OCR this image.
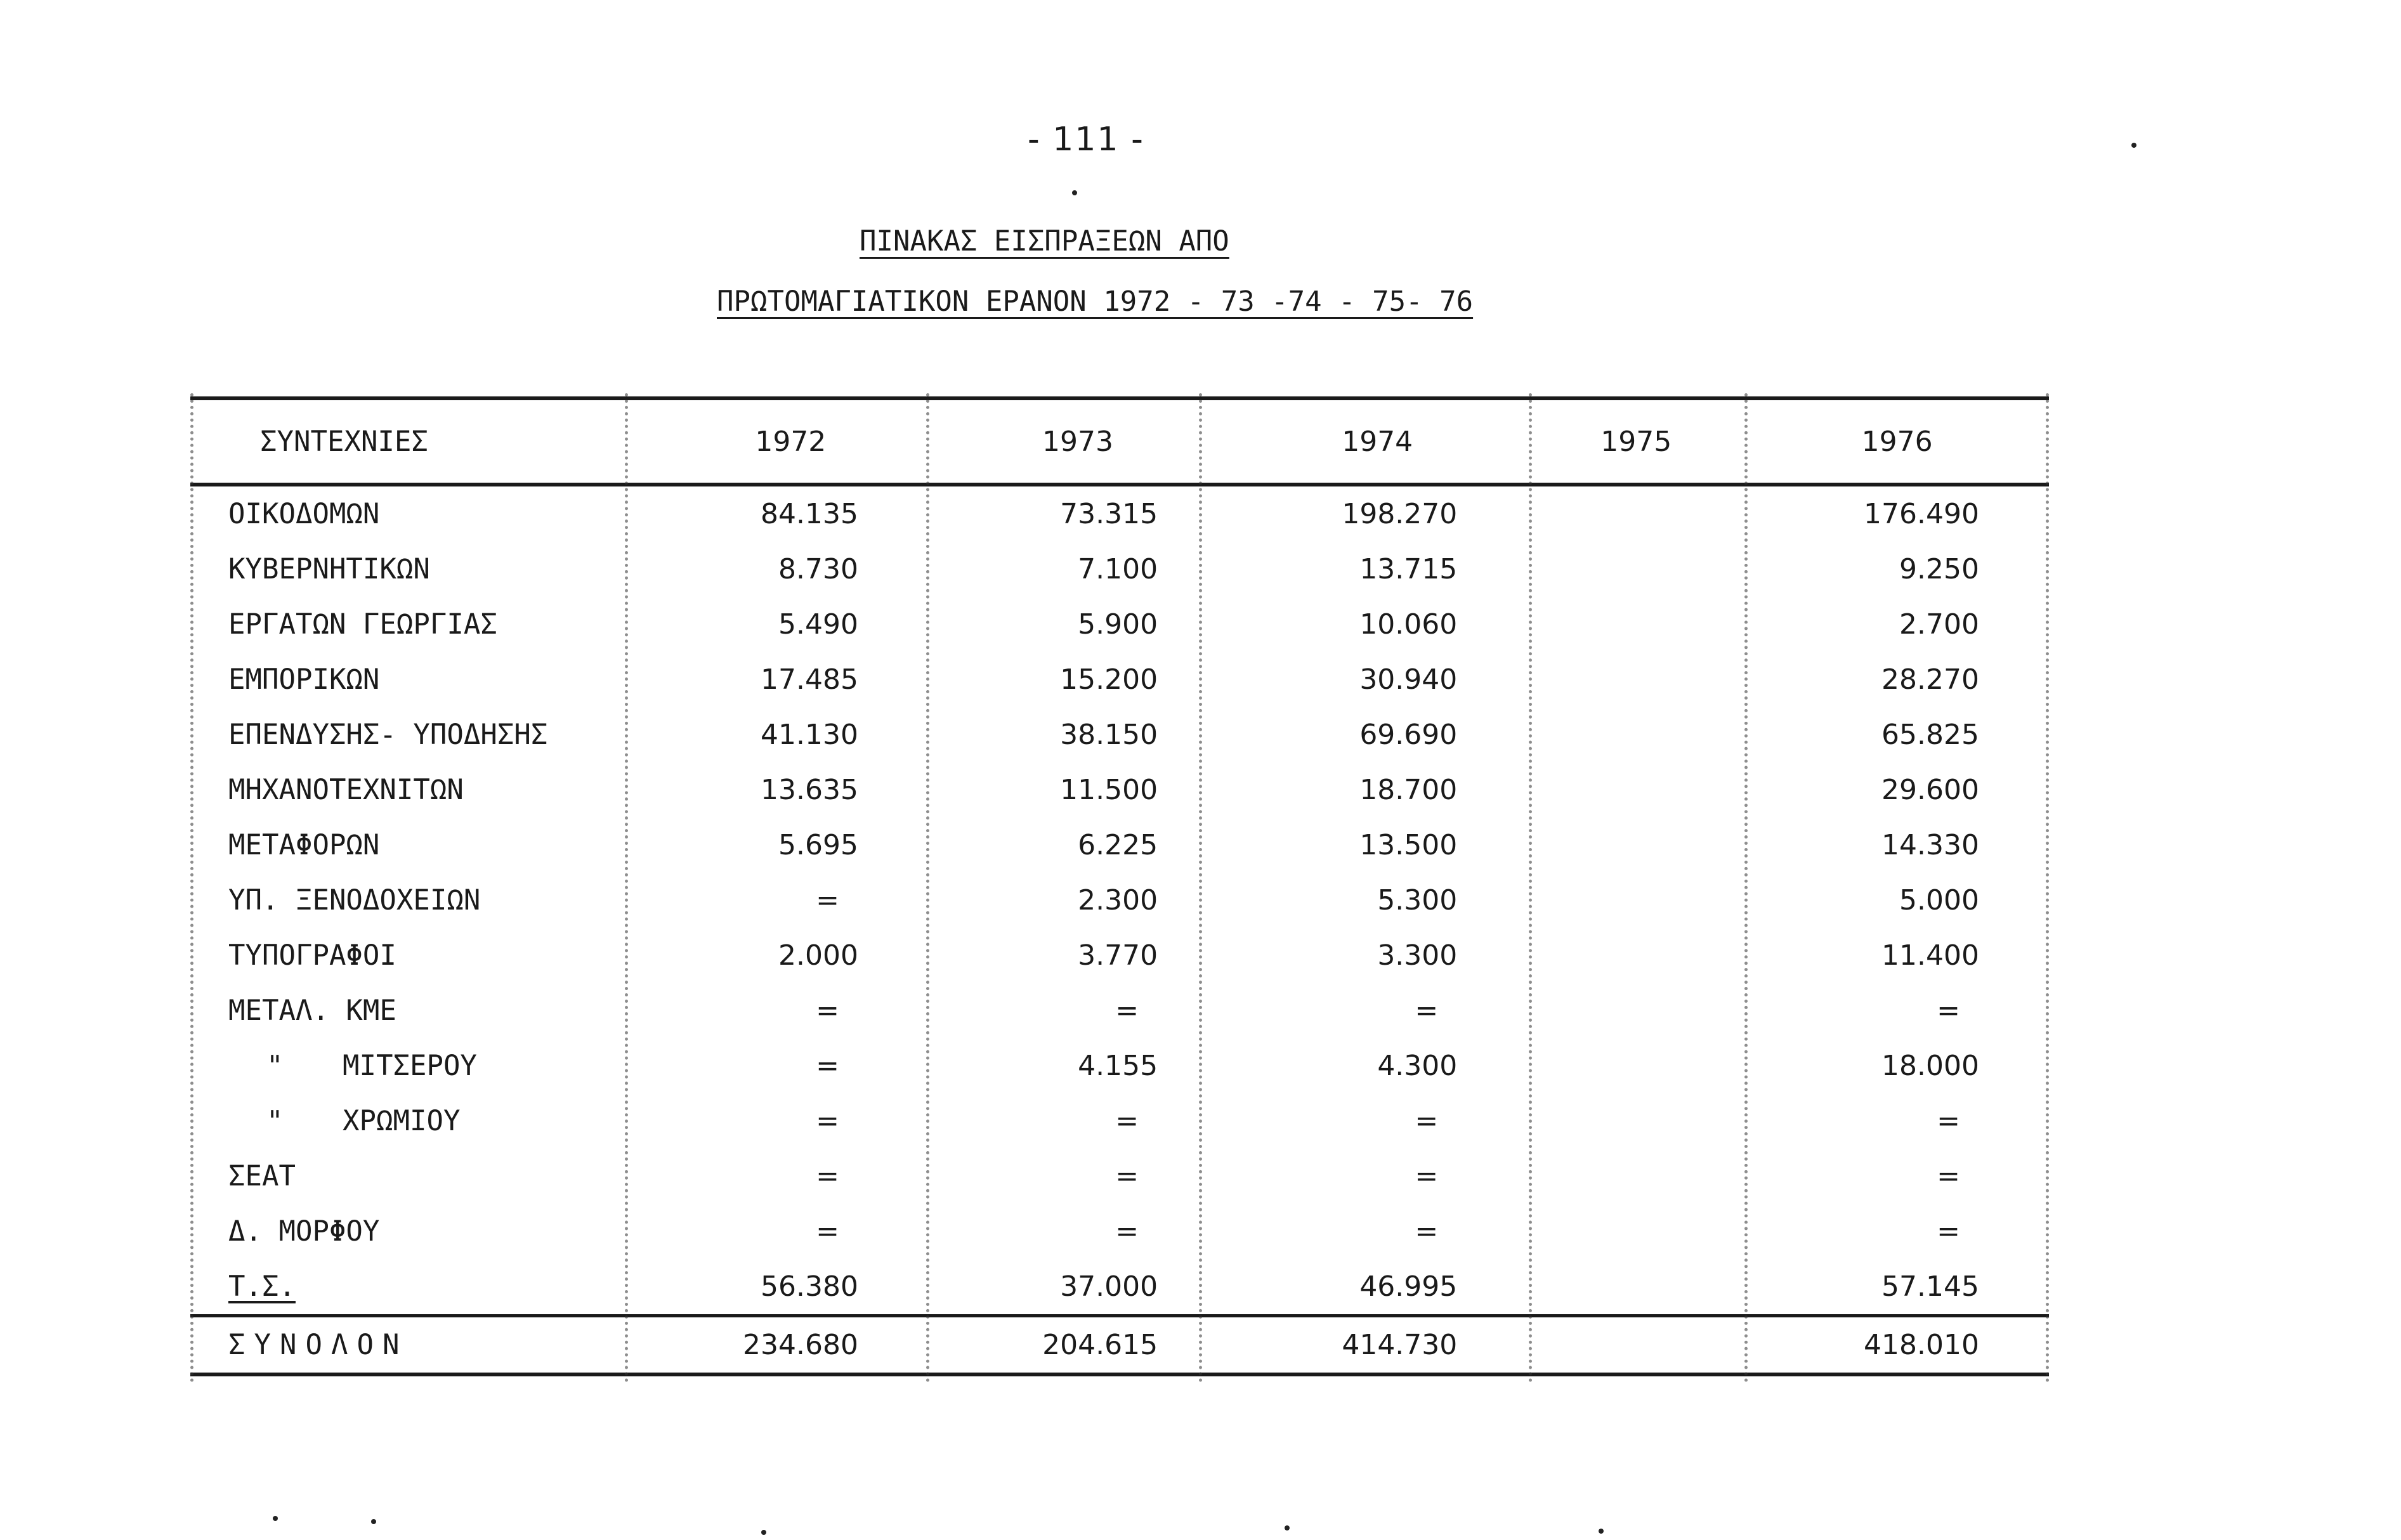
- 111 -
ΠΙΝΑΚΑΣ ΕΙΣΠΡΑΞΕΩΝ ΑΠΟ
ΠΡΩΤΟΜΑΓΙΑΤΙΚΟΝ ΕΡΑΝΟΝ 1972 - 73 -74 - 75- 76
ΣΥΝΤΕΧΝΙΕΣ	1972	1973	1974	1975	1976
ΟΙΚΟΔΟΜΩΝ	84.135	73.315	198.270		176.490
ΚΥΒΕΡΝΗΤΙΚΩΝ	8.730	7.100	13.715		9.250
ΕΡΓΑΤΩΝ ΓΕΩΡΓΙΑΣ	5.490	5.900	10.060		2.700
ΕΜΠΟΡΙΚΩΝ	17.485	15.200	30.940		28.270
ΕΠΕΝΔΥΣΗΣ- ΥΠΟΔΗΣΗΣ	41.130	38.150	69.690		65.825
ΜΗΧΑΝΟΤΕΧΝΙΤΩΝ	13.635	11.500	18.700		29.600
ΜΕΤΑΦΟΡΩΝ	5.695	6.225	13.500		14.330
ΥΠ. ΞΕΝΟΔΟΧΕΙΩΝ	=	2.300	5.300		5.000
ΤΥΠΟΓΡΑΦΟΙ	2.000	3.770	3.300		11.400
ΜΕΤΑΛ. ΚΜΕ	=	=	=		=
" ΜΙΤΣΕΡΟΥ	=	4.155	4.300		18.000
" ΧΡΩΜΙΟΥ	=	=	=		=
ΣΕΑΤ	=	=	=		=
Δ. ΜΟΡΦΟΥ	=	=	=		=
Τ.Σ.	56.380	37.000	46.995		57.145
ΣΥΝΟΛΟΝ	234.680	204.615	414.730		418.010
